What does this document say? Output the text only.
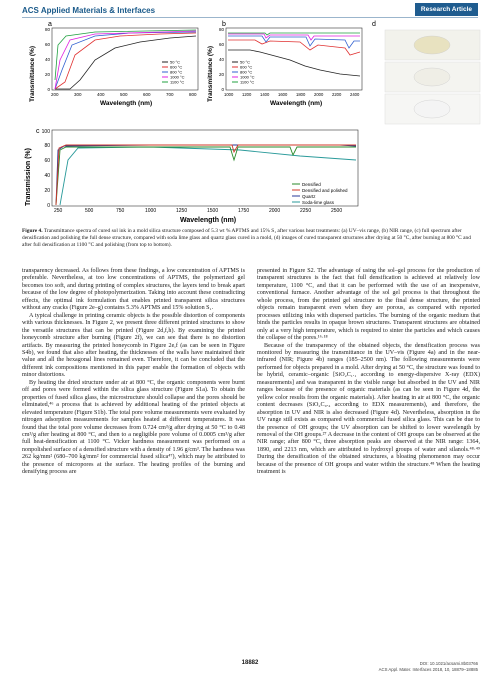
ACS Applied Materials & Interfaces	Research Article
a
Transmittance (%)
Wavelength (nm)
200	300	400	500	600	700	800
0
20
40
60
80
50 °C
600 °C
800 °C
1000 °C
1100 °C
b
Transmittance (%)
Wavelength (nm)
1000 1200 1400 1600 1800 2000 2200 2400
0
20
40
60
80
50 °C
600 °C
800 °C
1000 °C
1100 °C
d
c
Transmission (%)
Wavelength (nm)
250	500	750	1000	1250	1500	1750	2000	2250	2500
0
20
40
60
80
100
Densified
Densified and polished
Quartz
Soda-lime glass
Figure 4. Transmittance spectra of cured sol ink in a mold silica structure composed of 5.3 wt % APTMS and 15% S₁ after various heat treatments: (a) UV–vis range, (b) NIR range, (c) full spectrum after densification and polishing the full dense structure, compared with soda lime glass and quartz glass cured in a mold, (d) images of cured transparent structures after drying at 50 °C, after burning at 800 °C and after full densification at 1100 °C and polishing (from top to bottom).

transparency decreased. As follows from these findings, a low concentration of APTMS is preferable. Nevertheless, at too low concentrations of APTMS, the polymerized gel becomes too soft, and during printing of complex structures, the layers tend to break apart because of the low degree of photopolymerization. Taking into account these contradicting effects, the optimal ink formulation that enables printed transparent silica structures without any cracks (Figure 2e–g) contains 5.3% APTMS and 15% solution S₁.

A typical challenge in printing ceramic objects is the possible distortion of components with various thicknesses. In Figure 2, we present three different printed structures to show the versatile structures that can be printed (Figure 2d,f,h). By examining the printed honeycomb structure after burning (Figure 2f), we can see that there is no distortion artifacts. By measuring the printed honeycomb in Figure 2e,f (as can be seen in Figure S4b), we found that also after heating, the thicknesses of the walls have maintained their value and all the hexagonal lines remained even. Therefore, it can be concluded that the different ink compositions mentioned in this paper enable the formation of objects with minor distortions.

By heating the dried structure under air at 800 °C, the organic components were burnt off and pores were formed within the silica glass structure (Figure S1a). To obtain the properties of fused silica glass, the microstructure should collapse and the pores should be eliminated,⁴⁶ a process that is achieved by additional heating of the printed objects at elevated temperature (Figure S1b). The total pore volume measurements were evaluated by nitrogen adsorption measurements for samples heated at different temperatures. It was found that the total pore volume decreases from 0.724 cm³/g after drying at 50 °C to 0.48 cm³/g after heating at 800 °C, and then to a negligible pore volume of 0.0005 cm³/g after full heat-densification at 1100 °C. Vicker hardness measurement was performed on a nonpolished surface of a densified structure with a density of 1.96 g/cm³. The hardness was 262 kg/mm² (680–700 kg/mm² for commercial fused silica⁴⁷), which may be attributed to the presence of micropores at the surface. The heating profiles of the burning and densifying process are

presented in Figure S2. The advantage of using the sol–gel process for the production of transparent structures is the fact that full densification is achieved at relatively low temperature, 1100 °C, and that it can be performed with the use of an inexpensive, conventional furnace. Another advantage of the sol gel process is that throughout the whole process, from the printed gel structure to the final dense structure, the printed objects remain transparent even when they are porous, as compared with reported processes utilizing inks with dispersed particles. The burning of the organic medium that binds the particles results in opaque brown structures. Transparent structures are obtained only at a very high temperature, which is required to sinter the particles and which causes the collapse of the pores.¹⁶·¹⁸

Because of the transparency of the obtained objects, the densification process was monitored by measuring the transmittance in the UV–vis (Figure 4a) and in the near-infrared (NIR; Figure 4b) ranges (185–2500 nm). The following measurements were performed for objects prepared in a mold. After drying at 50 °C, the structure was found to be hybrid, ceramic–organic [SiO₂C₁.₁ according to energy-dispersive X-ray (EDX) measurements] and was transparent in the visible range but absorbed in the UV and NIR ranges because of the presence of organic materials (as can be seen in Figure 4d, the yellow color results from the organic materials). After heating in air at 800 °C, the organic content decreases (SiO₂C₀.₄ according to EDX measurements), and therefore, the absorption in UV and NIR is also decreased (Figure 4d). Nevertheless, absorption in the UV range still exists as compared with commercial fused silica glass. This can be due to the presence of OH groups; the UV absorption can be shifted to lower wavelength by removal of the OH groups.²⁷ A decrease in the content of OH groups can be observed at the NIR range; after 800 °C, three absorption peaks are observed at the NIR range: 1364, 1890, and 2213 nm, which are attributed to hydroxyl groups of water and silanols.⁴⁸·⁴⁹ During the densification of the obtained structures, a bloating phenomenon may occur because of the presence of OH groups and water within the structure.⁴⁸ When the heating treatment is

18882	DOI: 10.1021/acsami.8b03766
ACS Appl. Mater. Interfaces 2018, 10, 18879–18885
